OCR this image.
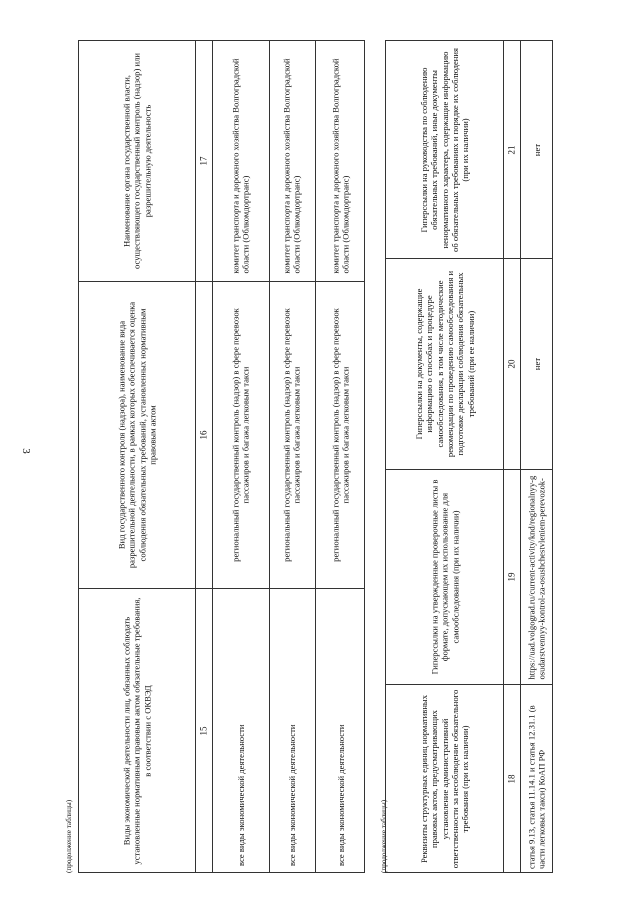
3
(продолжение таблицы)	Виды экономической деятельности лиц, обязанных соблюдать установленные нормативным правовым актом обязательные требования, в соответствии с ОКВЭД
Вид государственного контроля (надзора), наименование вида разрешительной деятельности, в рамках которых обеспечивается оценка соблюдения обязательных требований, установленных нормативным правовым актом
Наименование органа государственной власти, осуществляющего государственный контроль (надзор) или разрешительную деятельность
15
16
17
все виды экономической деятельности
региональный государственный контроль (надзор) в сфере перевозок пассажиров и багажа легковым такси
комитет транспорта и дорожного хозяйства Волгоградской области (Облкомдортранс)
все виды экономической деятельности
региональный государственный контроль (надзор) в сфере перевозок пассажиров и багажа легковым такси
комитет транспорта и дорожного хозяйства Волгоградской области (Облкомдортранс)
все виды экономической деятельности
региональный государственный контроль (надзор) в сфере перевозок пассажиров и багажа легковым такси
комитет транспорта и дорожного хозяйства Волгоградской области (Облкомдортранс)
(продолжение таблицы)	Реквизиты структурных единиц нормативных правовых актов, предусматривающих установление административной ответственности за несоблюдение обязательного требования (при их наличии)
Гиперссылки на утвержденные проверочные листы в формате, допускающем их использование для самообследования (при их наличии)
Гиперссылки на документы, содержащие информацию о способах и процедуре самообследования, в том числе методические рекомендации по проведению самообследования и подготовке декларации соблюдения обязательных требований (при ее наличии)
Гиперссылки на руководства по соблюдению обязательных требований, иные документы ненормативного характера, содержащие информацию об обязательных требованиях и порядке их соблюдения (при их наличии)
18
19
20
21
статья 9.13, статья 11.14.1 и статья 12.31.1 (в части легковых такси) КоАП РФ
https://uad.volgograd.ru/current-activity/knd/regionalnyy-gosudarstvennyy-kontrol-za-osushchestvleniem-perevozok-
нет
нет
